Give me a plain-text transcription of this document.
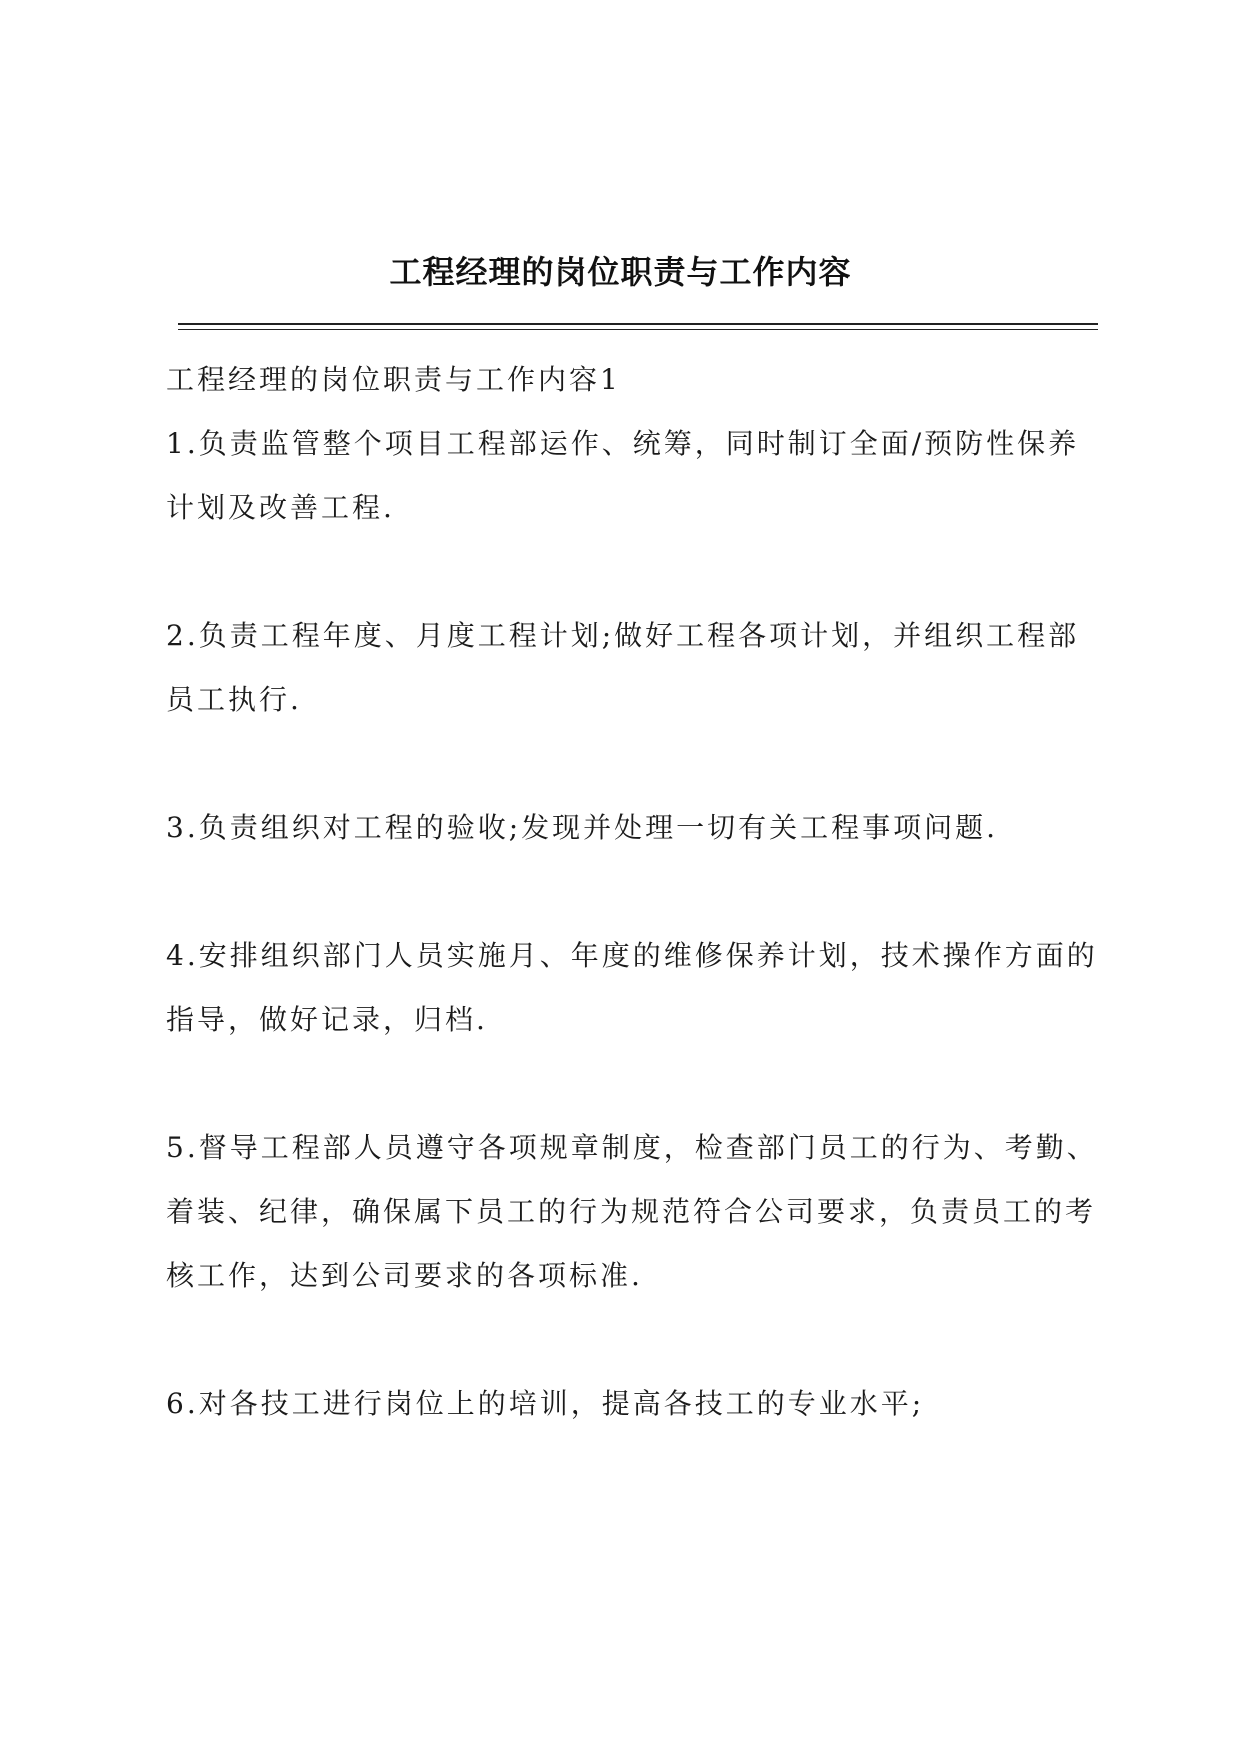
工程经理的岗位职责与工作内容

工程经理的岗位职责与工作内容1

1.负责监管整个项目工程部运作、统筹，同时制订全面/预防性保养计划及改善工程.

2.负责工程年度、月度工程计划;做好工程各项计划，并组织工程部员工执行.

3.负责组织对工程的验收;发现并处理一切有关工程事项问题.

4.安排组织部门人员实施月、年度的维修保养计划，技术操作方面的指导，做好记录，归档.

5.督导工程部人员遵守各项规章制度，检查部门员工的行为、考勤、着装、纪律，确保属下员工的行为规范符合公司要求，负责员工的考核工作，达到公司要求的各项标准.

6.对各技工进行岗位上的培训，提高各技工的专业水平;
